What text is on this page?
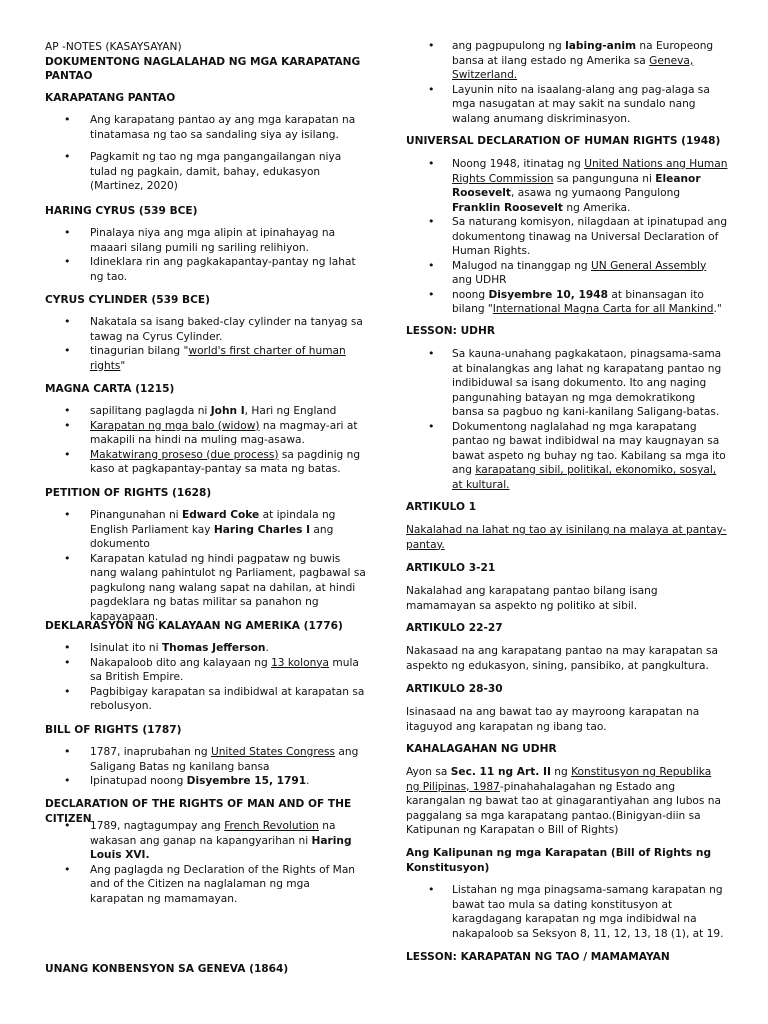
AP -NOTES (KASAYSAYAN)
DOKUMENTONG NAGLALAHAD NG MGA KARAPATANG PANTAO
KARAPATANG PANTAO
• Ang karapatang pantao ay ang mga karapatan na tinatamasa ng tao sa sandaling siya ay isilang.
• Pagkamit ng tao ng mga pangangailangan niya tulad ng pagkain, damit, bahay, edukasyon (Martinez, 2020)
HARING CYRUS (539 BCE)
• Pinalaya niya ang mga alipin at ipinahayag na maaari silang pumili ng sariling relihiyon.
• Idineklara rin ang pagkakapantay-pantay ng lahat ng tao.
CYRUS CYLINDER (539 BCE)
• Nakatala sa isang baked-clay cylinder na tanyag sa tawag na Cyrus Cylinder.
• tinagurian bilang "world's first charter of human rights"
MAGNA CARTA (1215)
• sapilitang paglagda ni John I, Hari ng England
• Karapatan ng mga balo (widow) na magmay-ari at makapili na hindi na muling mag-asawa.
• Makatwirang proseso (due process) sa pagdinig ng kaso at pagkapantay-pantay sa mata ng batas.
PETITION OF RIGHTS (1628)
• Pinangunahan ni Edward Coke at ipindala ng English Parliament kay Haring Charles I ang dokumento
• Karapatan katulad ng hindi pagpataw ng buwis nang walang pahintulot ng Parliament, pagbawal sa pagkulong nang walang sapat na dahilan, at hindi pagdeklara ng batas militar sa panahon ng kapayapaan.
DEKLARASYON NG KALAYAAN NG AMERIKA (1776)
• Isinulat ito ni Thomas Jefferson.
• Nakapaloob dito ang kalayaan ng 13 kolonya mula sa British Empire.
• Pagbibigay karapatan sa indibidwal at karapatan sa rebolusyon.
BILL OF RIGHTS (1787)
• 1787, inaprubahan ng United States Congress ang Saligang Batas ng kanilang bansa
• Ipinatupad noong Disyembre 15, 1791.
DECLARATION OF THE RIGHTS OF MAN AND OF THE CITIZEN
• 1789, nagtagumpay ang French Revolution na wakasan ang ganap na kapangyarihan ni Haring Louis XVI.
• Ang paglagda ng Declaration of the Rights of Man and of the Citizen na naglalaman ng mga karapatan ng mamamayan.
UNANG KONBENSYON SA GENEVA (1864)
• ang pagpupulong ng labing-anim na Europeong bansa at ilang estado ng Amerika sa Geneva, Switzerland.
• Layunin nito na isaalang-alang ang pag-alaga sa mga nasugatan at may sakit na sundalo nang walang anumang diskriminasyon.
UNIVERSAL DECLARATION OF HUMAN RIGHTS (1948)
• Noong 1948, itinatag ng United Nations ang Human Rights Commission sa pangunguna ni Eleanor Roosevelt, asawa ng yumaong Pangulong Franklin Roosevelt ng Amerika.
• Sa naturang komisyon, nilagdaan at ipinatupad ang dokumentong tinawag na Universal Declaration of Human Rights.
• Malugod na tinanggap ng UN General Assembly ang UDHR
• noong Disyembre 10, 1948 at binansagan ito bilang "International Magna Carta for all Mankind."
LESSON: UDHR
• Sa kauna-unahang pagkakataon, pinagsama-sama at binalangkas ang lahat ng karapatang pantao ng indibiduwal sa isang dokumento. Ito ang naging pangunahing batayan ng mga demokratikong bansa sa pagbuo ng kani-kanilang Saligang-batas.
• Dokumentong naglalahad ng mga karapatang pantao ng bawat indibidwal na may kaugnayan sa bawat aspeto ng buhay ng tao. Kabilang sa mga ito ang karapatang sibil, politikal, ekonomiko, sosyal, at kultural.
ARTIKULO 1
Nakalahad na lahat ng tao ay isinilang na malaya at pantay-pantay.
ARTIKULO 3-21
Nakalahad ang karapatang pantao bilang isang mamamayan sa aspekto ng politiko at sibil.
ARTIKULO 22-27
Nakasaad na ang karapatang pantao na may karapatan sa aspekto ng edukasyon, sining, pansibiko, at pangkultura.
ARTIKULO 28-30
Isinasaad na ang bawat tao ay mayroong karapatan na itaguyod ang karapatan ng ibang tao.
KAHALAGAHAN NG UDHR
Ayon sa Sec. 11 ng Art. II ng Konstitusyon ng Republika ng Pilipinas, 1987-pinahahalagahan ng Estado ang karangalan ng bawat tao at ginagarantiyahan ang lubos na paggalang sa mga karapatang pantao.(Binigyan-diin sa Katipunan ng Karapatan o Bill of Rights)
Ang Kalipunan ng mga Karapatan (Bill of Rights ng Konstitusyon)
• Listahan ng mga pinagsama-samang karapatan ng bawat tao mula sa dating konstitusyon at karagdagang karapatan ng mga indibidwal na nakapaloob sa Seksyon 8, 11, 12, 13, 18 (1), at 19.
LESSON: KARAPATAN NG TAO / MAMAMAYAN
